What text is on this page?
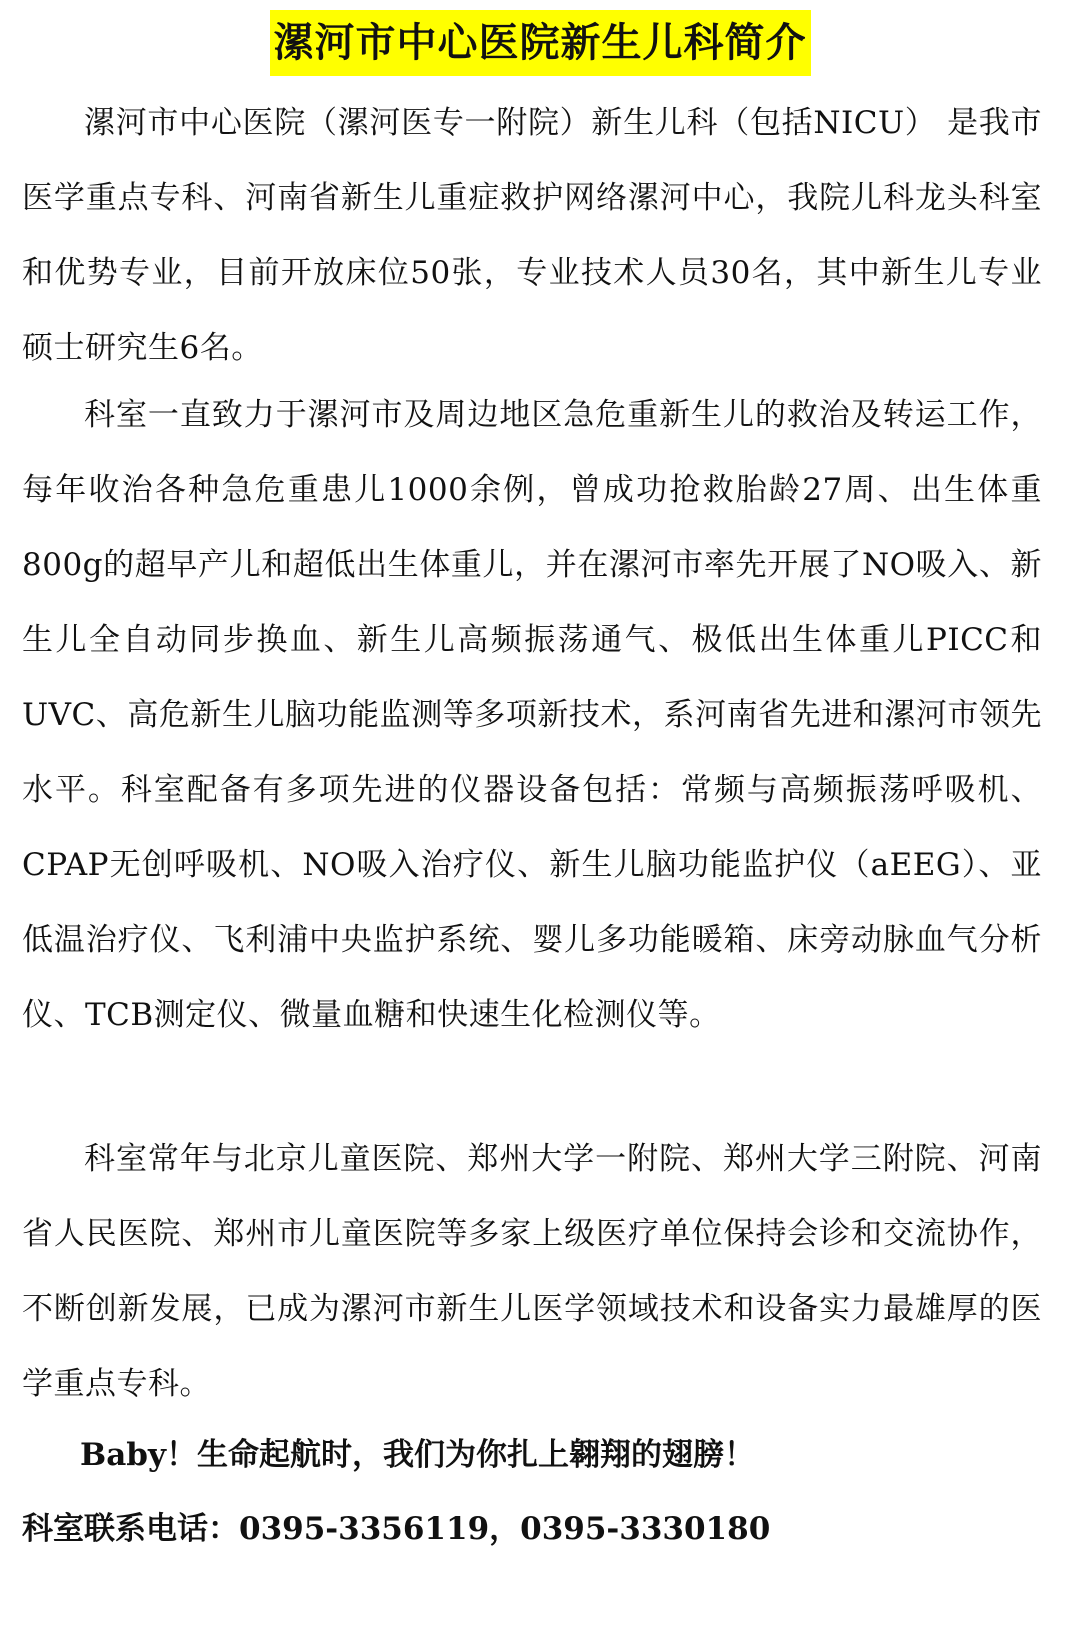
漯河市中心医院新生儿科简介

漯河市中心医院（漯河医专一附院）新生儿科（包括NICU） 是我市医学重点专科、河南省新生儿重症救护网络漯河中心，我院儿科龙头科室和优势专业，目前开放床位50张，专业技术人员30名，其中新生儿专业硕士研究生6名。

科室一直致力于漯河市及周边地区急危重新生儿的救治及转运工作，每年收治各种急危重患儿1000余例，曾成功抢救胎龄27周、出生体重800g的超早产儿和超低出生体重儿，并在漯河市率先开展了NO吸入、新生儿全自动同步换血、新生儿高频振荡通气、极低出生体重儿PICC和UVC、高危新生儿脑功能监测等多项新技术，系河南省先进和漯河市领先水平。科室配备有多项先进的仪器设备包括：常频与高频振荡呼吸机、CPAP无创呼吸机、NO吸入治疗仪、新生儿脑功能监护仪（aEEG）、亚低温治疗仪、飞利浦中央监护系统、婴儿多功能暖箱、床旁动脉血气分析仪、TCB测定仪、微量血糖和快速生化检测仪等。

科室常年与北京儿童医院、郑州大学一附院、郑州大学三附院、河南省人民医院、郑州市儿童医院等多家上级医疗单位保持会诊和交流协作，不断创新发展，已成为漯河市新生儿医学领域技术和设备实力最雄厚的医学重点专科。

Baby！生命起航时，我们为你扎上翱翔的翅膀！

科室联系电话：0395-3356119，0395-3330180
